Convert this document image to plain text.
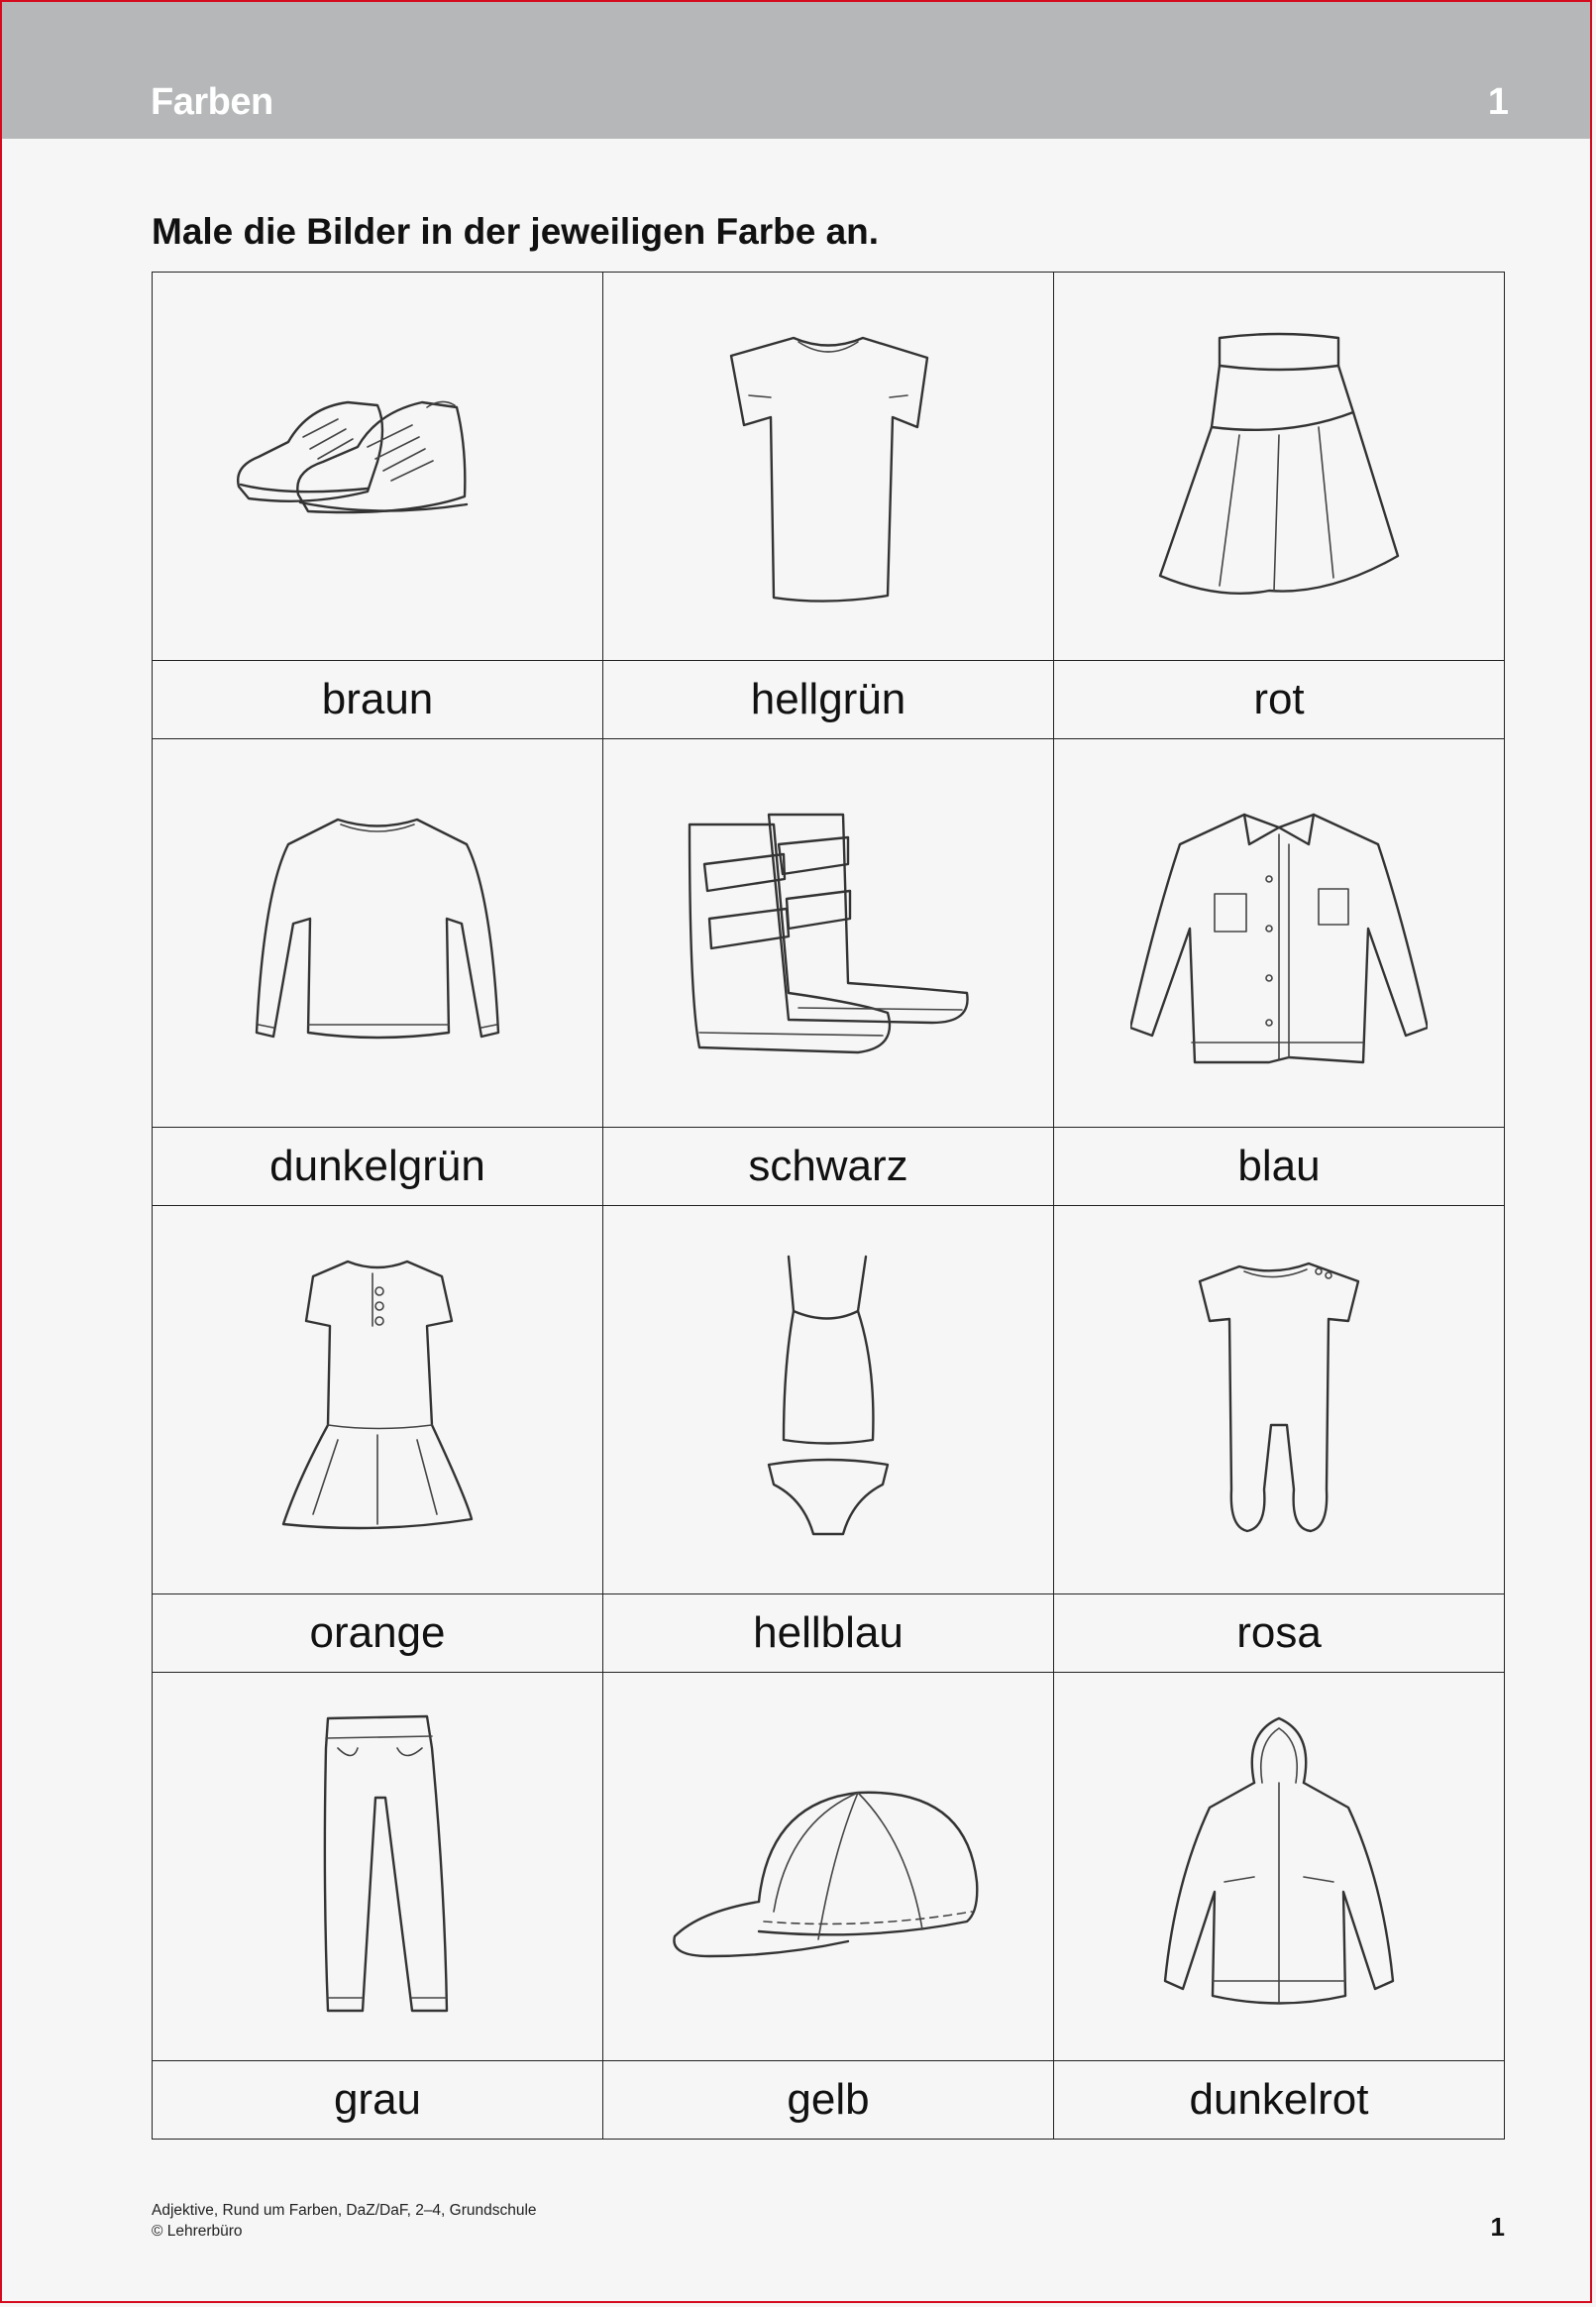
Farben	1
Male die Bilder in der jeweiligen Farbe an.

braun	hellgrün	rot

dunkelgrün	schwarz	blau

orange	hellblau	rosa

grau	gelb	dunkelrot
Adjektive, Rund um Farben, DaZ/DaF, 2–4, Grundschule
© Lehrerbüro	1
